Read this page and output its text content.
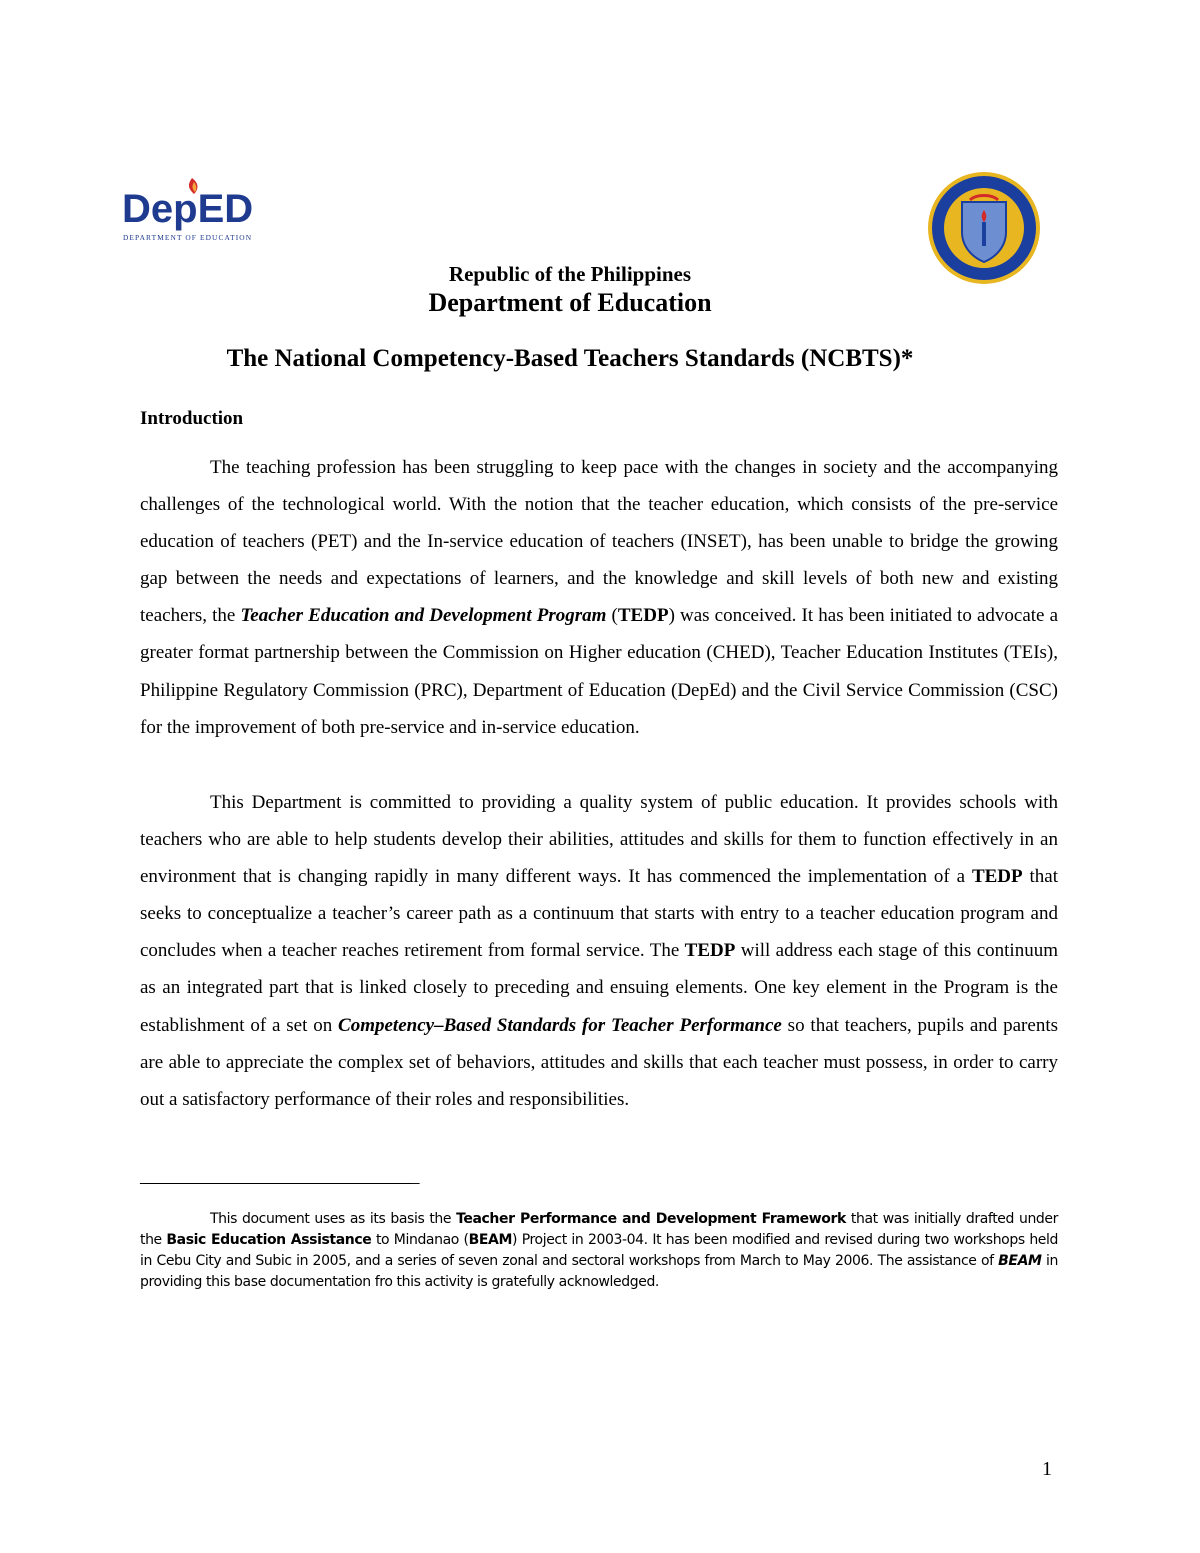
DepED
DEPARTMENT OF EDUCATION

Republic of the Philippines

Department of Education

The National Competency-Based Teachers Standards (NCBTS)*

Introduction

The teaching profession has been struggling to keep pace with the changes in society and the accompanying challenges of the technological world. With the notion that the teacher education, which consists of the pre-service education of teachers (PET) and the In-service education of teachers (INSET), has been unable to bridge the growing gap between the needs and expectations of learners, and the knowledge and skill levels of both new and existing teachers, the Teacher Education and Development Program (TEDP) was conceived. It has been initiated to advocate a greater format partnership between the Commission on Higher education (CHED), Teacher Education Institutes (TEIs), Philippine Regulatory Commission (PRC), Department of Education (DepEd) and the Civil Service Commission (CSC) for the improvement of both pre-service and in-service education.

This Department is committed to providing a quality system of public education. It provides schools with teachers who are able to help students develop their abilities, attitudes and skills for them to function effectively in an environment that is changing rapidly in many different ways. It has commenced the implementation of a TEDP that seeks to conceptualize a teacher’s career path as a continuum that starts with entry to a teacher education program and concludes when a teacher reaches retirement from formal service. The TEDP will address each stage of this continuum as an integrated part that is linked closely to preceding and ensuing elements. One key element in the Program is the establishment of a set on Competency–Based Standards for Teacher Performance so that teachers, pupils and parents are able to appreciate the complex set of behaviors, attitudes and skills that each teacher must possess, in order to carry out a satisfactory performance of their roles and responsibilities.

———————————————–

This document uses as its basis the Teacher Performance and Development Framework that was initially drafted under the Basic Education Assistance to Mindanao (BEAM) Project in 2003-04. It has been modified and revised during two workshops held in Cebu City and Subic in 2005, and a series of seven zonal and sectoral workshops from March to May 2006. The assistance of BEAM in providing this base documentation fro this activity is gratefully acknowledged.

1
